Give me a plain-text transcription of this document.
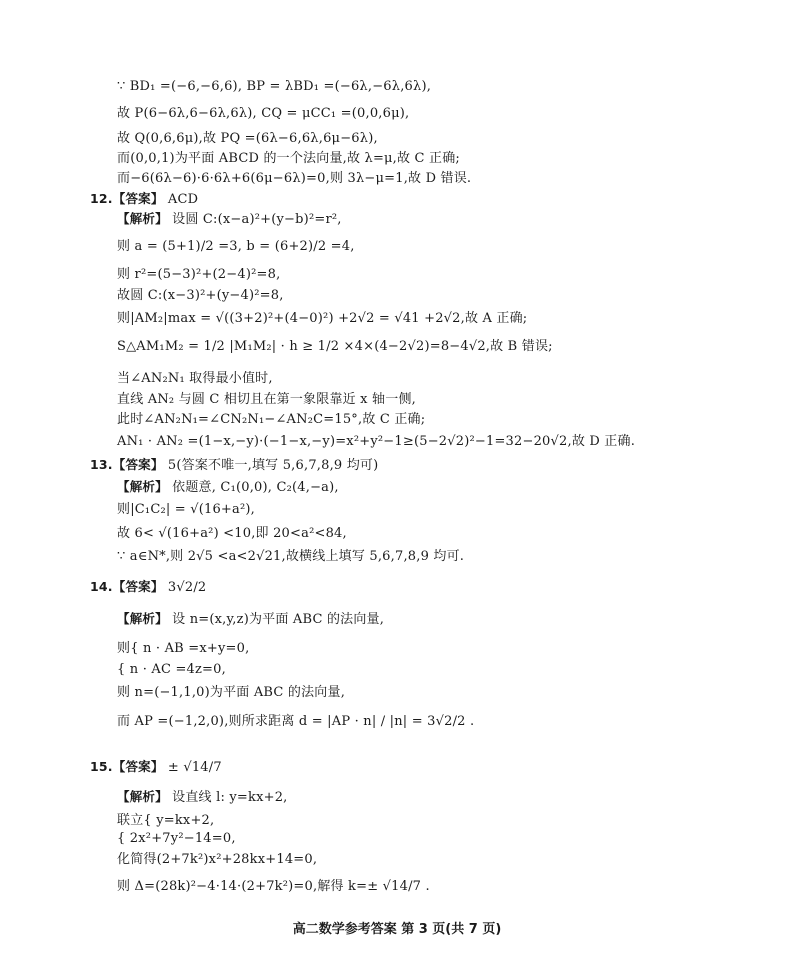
∵ BD₁ =(−6,−6,6), BP = λBD₁ =(−6λ,−6λ,6λ),
故 P(6−6λ,6−6λ,6λ), CQ = μCC₁ =(0,0,6μ),
故 Q(0,6,6μ),故 PQ =(6λ−6,6λ,6μ−6λ),
而(0,0,1)为平面 ABCD 的一个法向量,故 λ=μ,故 C 正确;
而−6(6λ−6)·6·6λ+6(6μ−6λ)=0,则 3λ−μ=1,故 D 错误.
12.【答案】 ACD
【解析】 设圆 C:(x−a)²+(y−b)²=r²,
则 a = (5+1)/2 =3, b = (6+2)/2 =4,
则 r²=(5−3)²+(2−4)²=8,
故圆 C:(x−3)²+(y−4)²=8,
则|AM₂|max = √((3+2)²+(4−0)²) +2√2 = √41 +2√2,故 A 正确;
S△AM₁M₂ = 1/2 |M₁M₂| · h ≥ 1/2 ×4×(4−2√2)=8−4√2,故 B 错误;
当∠AN₂N₁ 取得最小值时,
直线 AN₂ 与圆 C 相切且在第一象限靠近 x 轴一侧,
此时∠AN₂N₁=∠CN₂N₁−∠AN₂C=15°,故 C 正确;
AN₁ · AN₂ =(1−x,−y)·(−1−x,−y)=x²+y²−1≥(5−2√2)²−1=32−20√2,故 D 正确.
13.【答案】 5(答案不唯一,填写 5,6,7,8,9 均可)
【解析】 依题意, C₁(0,0), C₂(4,−a),
则|C₁C₂| = √(16+a²),
故 6< √(16+a²) <10,即 20<a²<84,
∵ a∈N*,则 2√5 <a<2√21,故横线上填写 5,6,7,8,9 均可.
14.【答案】 3√2/2
【解析】 设 n=(x,y,z)为平面 ABC 的法向量,
则{ n · AB =x+y=0,
{ n · AC =4z=0,
则 n=(−1,1,0)为平面 ABC 的法向量,
而 AP =(−1,2,0),则所求距离 d = |AP · n| / |n| = 3√2/2 .
15.【答案】 ± √14/7
【解析】 设直线 l: y=kx+2,
联立{ y=kx+2,
{ 2x²+7y²−14=0,
化简得(2+7k²)x²+28kx+14=0,
则 Δ=(28k)²−4·14·(2+7k²)=0,解得 k=± √14/7 .
高二数学参考答案 第 3 页(共 7 页)
